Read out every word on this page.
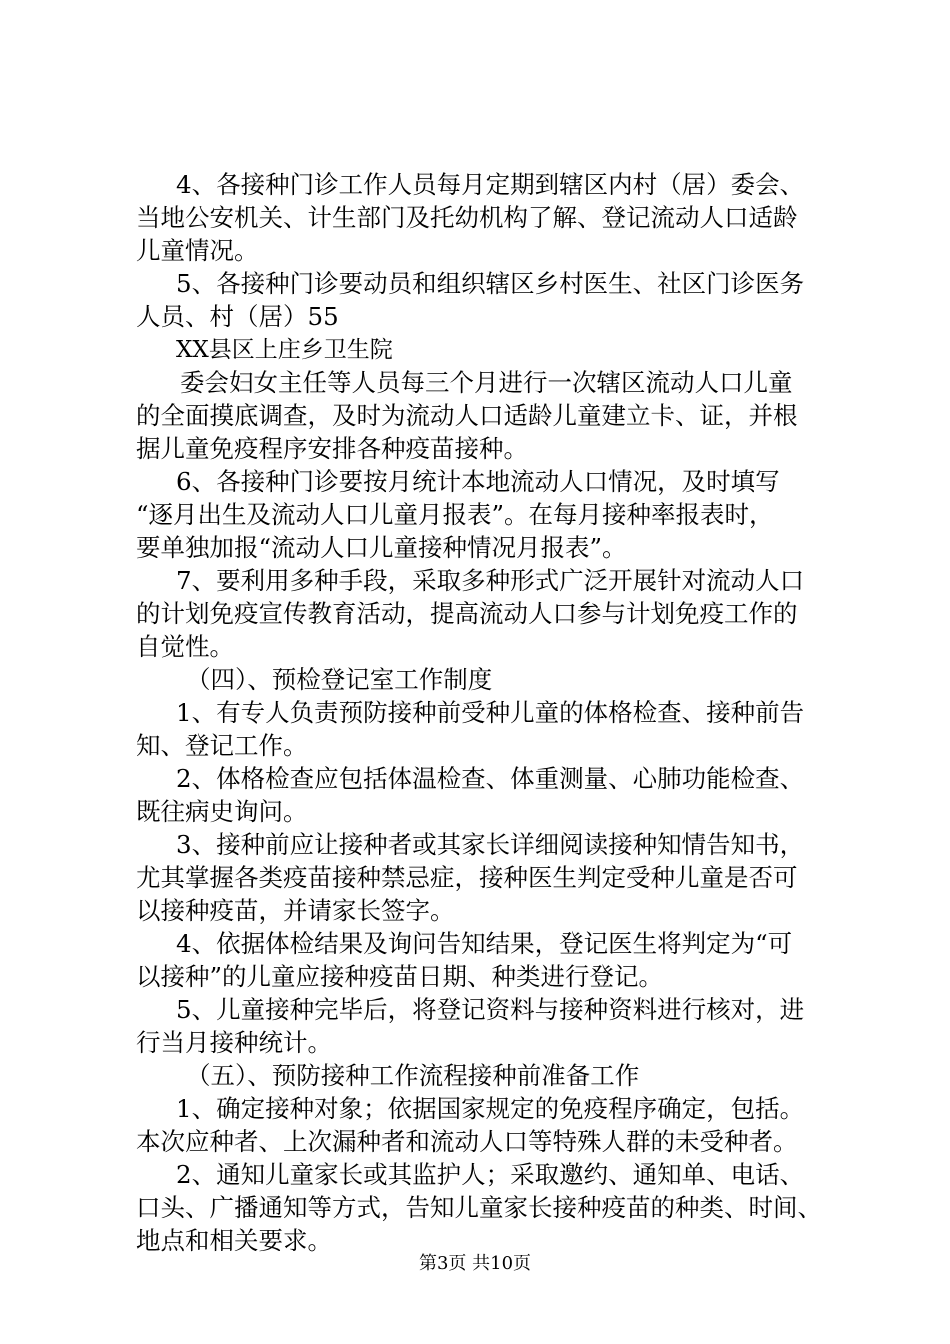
4、各接种门诊工作人员每月定期到辖区内村（居）委会、
当地公安机关、计生部门及托幼机构了解、登记流动人口适龄
儿童情况。
5、各接种门诊要动员和组织辖区乡村医生、社区门诊医务
人员、村（居）55
XX县区上庄乡卫生院
委会妇女主任等人员每三个月进行一次辖区流动人口儿童
的全面摸底调查，及时为流动人口适龄儿童建立卡、证，并根
据儿童免疫程序安排各种疫苗接种。
6、各接种门诊要按月统计本地流动人口情况，及时填写
“逐月出生及流动人口儿童月报表”。在每月接种率报表时，
要单独加报“流动人口儿童接种情况月报表”。
7、要利用多种手段，采取多种形式广泛开展针对流动人口
的计划免疫宣传教育活动，提高流动人口参与计划免疫工作的
自觉性。
（四）、预检登记室工作制度
1、有专人负责预防接种前受种儿童的体格检查、接种前告
知、登记工作。
2、体格检查应包括体温检查、体重测量、心肺功能检查、
既往病史询问。
3、接种前应让接种者或其家长详细阅读接种知情告知书，
尤其掌握各类疫苗接种禁忌症，接种医生判定受种儿童是否可
以接种疫苗，并请家长签字。
4、依据体检结果及询问告知结果，登记医生将判定为“可
以接种”的儿童应接种疫苗日期、种类进行登记。
5、儿童接种完毕后，将登记资料与接种资料进行核对，进
行当月接种统计。
（五）、预防接种工作流程接种前准备工作
1、确定接种对象；依据国家规定的免疫程序确定，包括。
本次应种者、上次漏种者和流动人口等特殊人群的未受种者。
2、通知儿童家长或其监护人；采取邀约、通知单、电话、
口头、广播通知等方式，告知儿童家长接种疫苗的种类、时间、
地点和相关要求。
第3页 共10页
